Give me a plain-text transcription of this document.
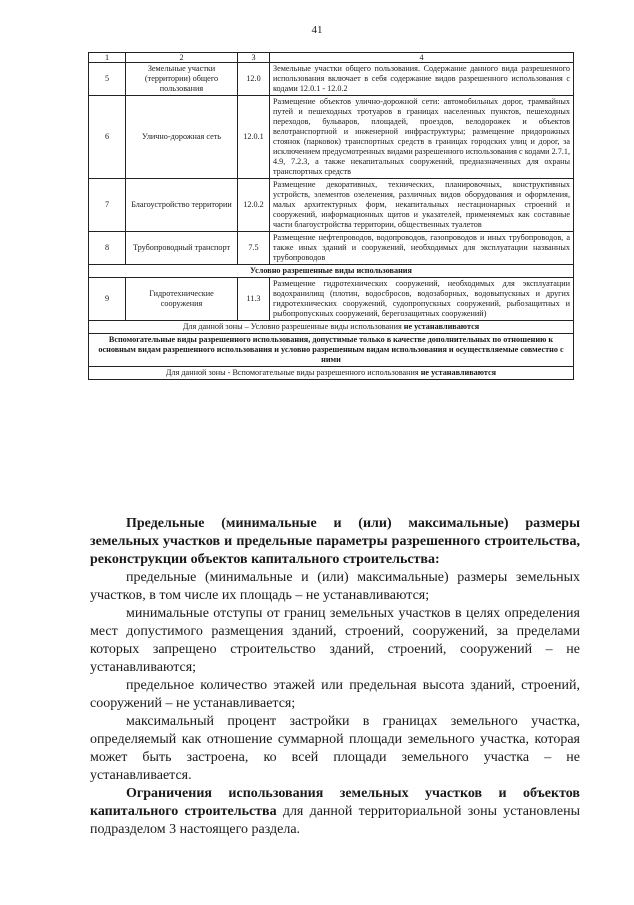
41
1	2	3	4
5	Земельные участки (территории) общего пользования	12.0	Земельные участки общего пользования. Содержание данного вида разрешенного использования включает в себя содержание видов разрешенного использования с кодами 12.0.1 - 12.0.2
6	Улично-дорожная сеть	12.0.1	Размещение объектов улично-дорожной сети: автомобильных дорог, трамвайных путей и пешеходных тротуаров в границах населенных пунктов, пешеходных переходов, бульваров, площадей, проездов, велодорожек и объектов велотранспортной и инженерной инфраструктуры; размещение придорожных стоянок (парковок) транспортных средств в границах городских улиц и дорог, за исключением предусмотренных видами разрешенного использования с кодами 2.7.1, 4.9, 7.2.3, а также некапитальных сооружений, предназначенных для охраны транспортных средств
7	Благоустройство территории	12.0.2	Размещение декоративных, технических, планировочных, конструктивных устройств, элементов озеленения, различных видов оборудования и оформления, малых архитектурных форм, некапитальных нестационарных строений и сооружений, информационных щитов и указателей, применяемых как составные части благоустройства территории, общественных туалетов
8	Трубопроводный транспорт	7.5	Размещение нефтепроводов, водопроводов, газопроводов и иных трубопроводов, а также иных зданий и сооружений, необходимых для эксплуатации названных трубопроводов
Условно разрешенные виды использования			
9	Гидротехнические сооружения	11.3	Размещение гидротехнических сооружений, необходимых для эксплуатации водохранилищ (плотин, водосбросов, водозаборных, водовыпускных и других гидротехнических сооружений, судопропускных сооружений, рыбозащитных и рыбопропускных сооружений, берегозащитных сооружений)
Для данной зоны – Условно разрешенные виды использования не устанавливаются			
Вспомогательные виды разрешенного использования, допустимые только в качестве дополнительных по отношению к основным видам разрешенного использования и условно разрешенным видам использования и осуществляемые совместно с ними			
Для данной зоны - Вспомогательные виды разрешенного использования не устанавливаются			

Предельные (минимальные и (или) максимальные) размеры земельных участков и предельные параметры разрешенного строительства, реконструкции объектов капитального строительства:

предельные (минимальные и (или) максимальные) размеры земельных участков, в том числе их площадь – не устанавливаются;

минимальные отступы от границ земельных участков в целях определения мест допустимого размещения зданий, строений, сооружений, за пределами которых запрещено строительство зданий, строений, сооружений – не устанавливаются;

предельное количество этажей или предельная высота зданий, строений, сооружений – не устанавливается;

максимальный процент застройки в границах земельного участка, определяемый как отношение суммарной площади земельного участка, которая может быть застроена, ко всей площади земельного участка – не устанавливается.

Ограничения использования земельных участков и объектов капитального строительства для данной территориальной зоны установлены подразделом 3 настоящего раздела.
